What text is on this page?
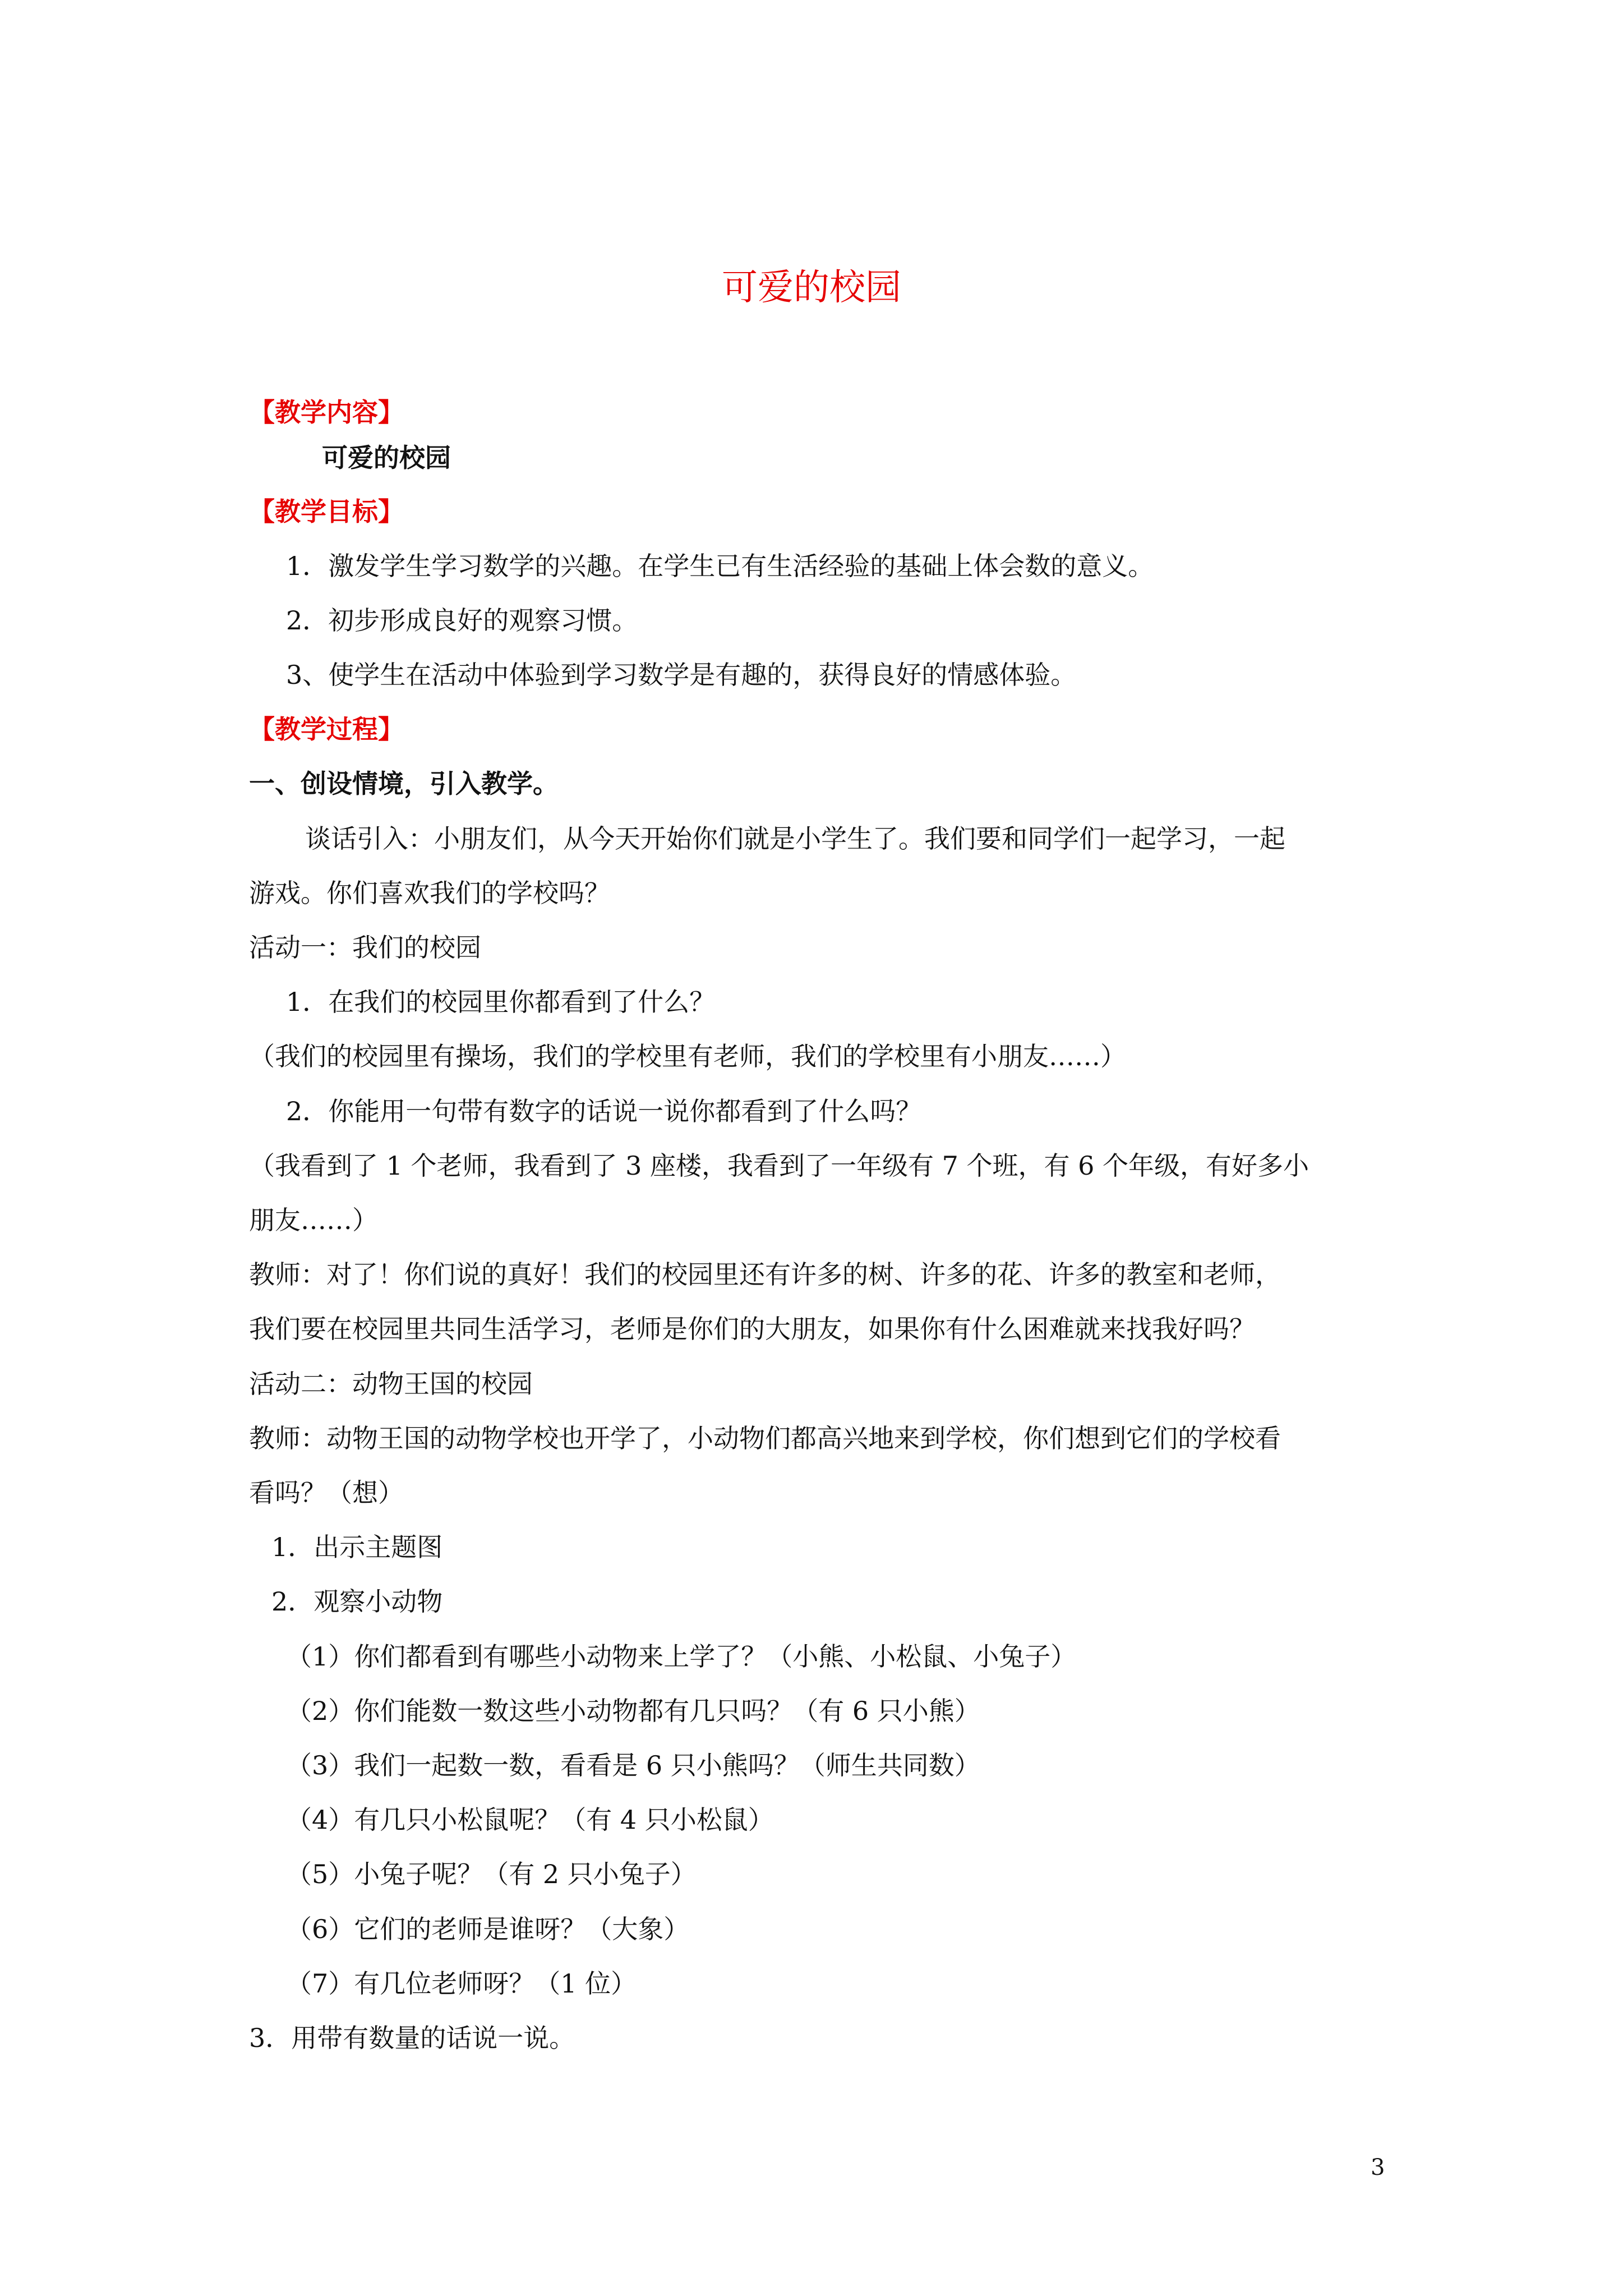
可爱的校园
【教学内容】
可爱的校园
【教学目标】
1．激发学生学习数学的兴趣。在学生已有生活经验的基础上体会数的意义。
2．初步形成良好的观察习惯。
3、使学生在活动中体验到学习数学是有趣的，获得良好的情感体验。
【教学过程】
一、创设情境，引入教学。
谈话引入：小朋友们，从今天开始你们就是小学生了。我们要和同学们一起学习，一起
游戏。你们喜欢我们的学校吗？
活动一：我们的校园
1．在我们的校园里你都看到了什么？
（我们的校园里有操场，我们的学校里有老师，我们的学校里有小朋友……）
2．你能用一句带有数字的话说一说你都看到了什么吗？
（我看到了 1 个老师，我看到了 3 座楼，我看到了一年级有 7 个班，有 6 个年级，有好多小
朋友……）
教师：对了！你们说的真好！我们的校园里还有许多的树、许多的花、许多的教室和老师，
我们要在校园里共同生活学习，老师是你们的大朋友，如果你有什么困难就来找我好吗？
活动二：动物王国的校园
教师：动物王国的动物学校也开学了，小动物们都高兴地来到学校，你们想到它们的学校看
看吗？（想）
1．出示主题图
2．观察小动物
（1）你们都看到有哪些小动物来上学了？（小熊、小松鼠、小兔子）
（2）你们能数一数这些小动物都有几只吗？（有 6 只小熊）
（3）我们一起数一数，看看是 6 只小熊吗？（师生共同数）
（4）有几只小松鼠呢？（有 4 只小松鼠）
（5）小兔子呢？（有 2 只小兔子）
（6）它们的老师是谁呀？（大象）
（7）有几位老师呀？（1 位）
3．用带有数量的话说一说。
3
